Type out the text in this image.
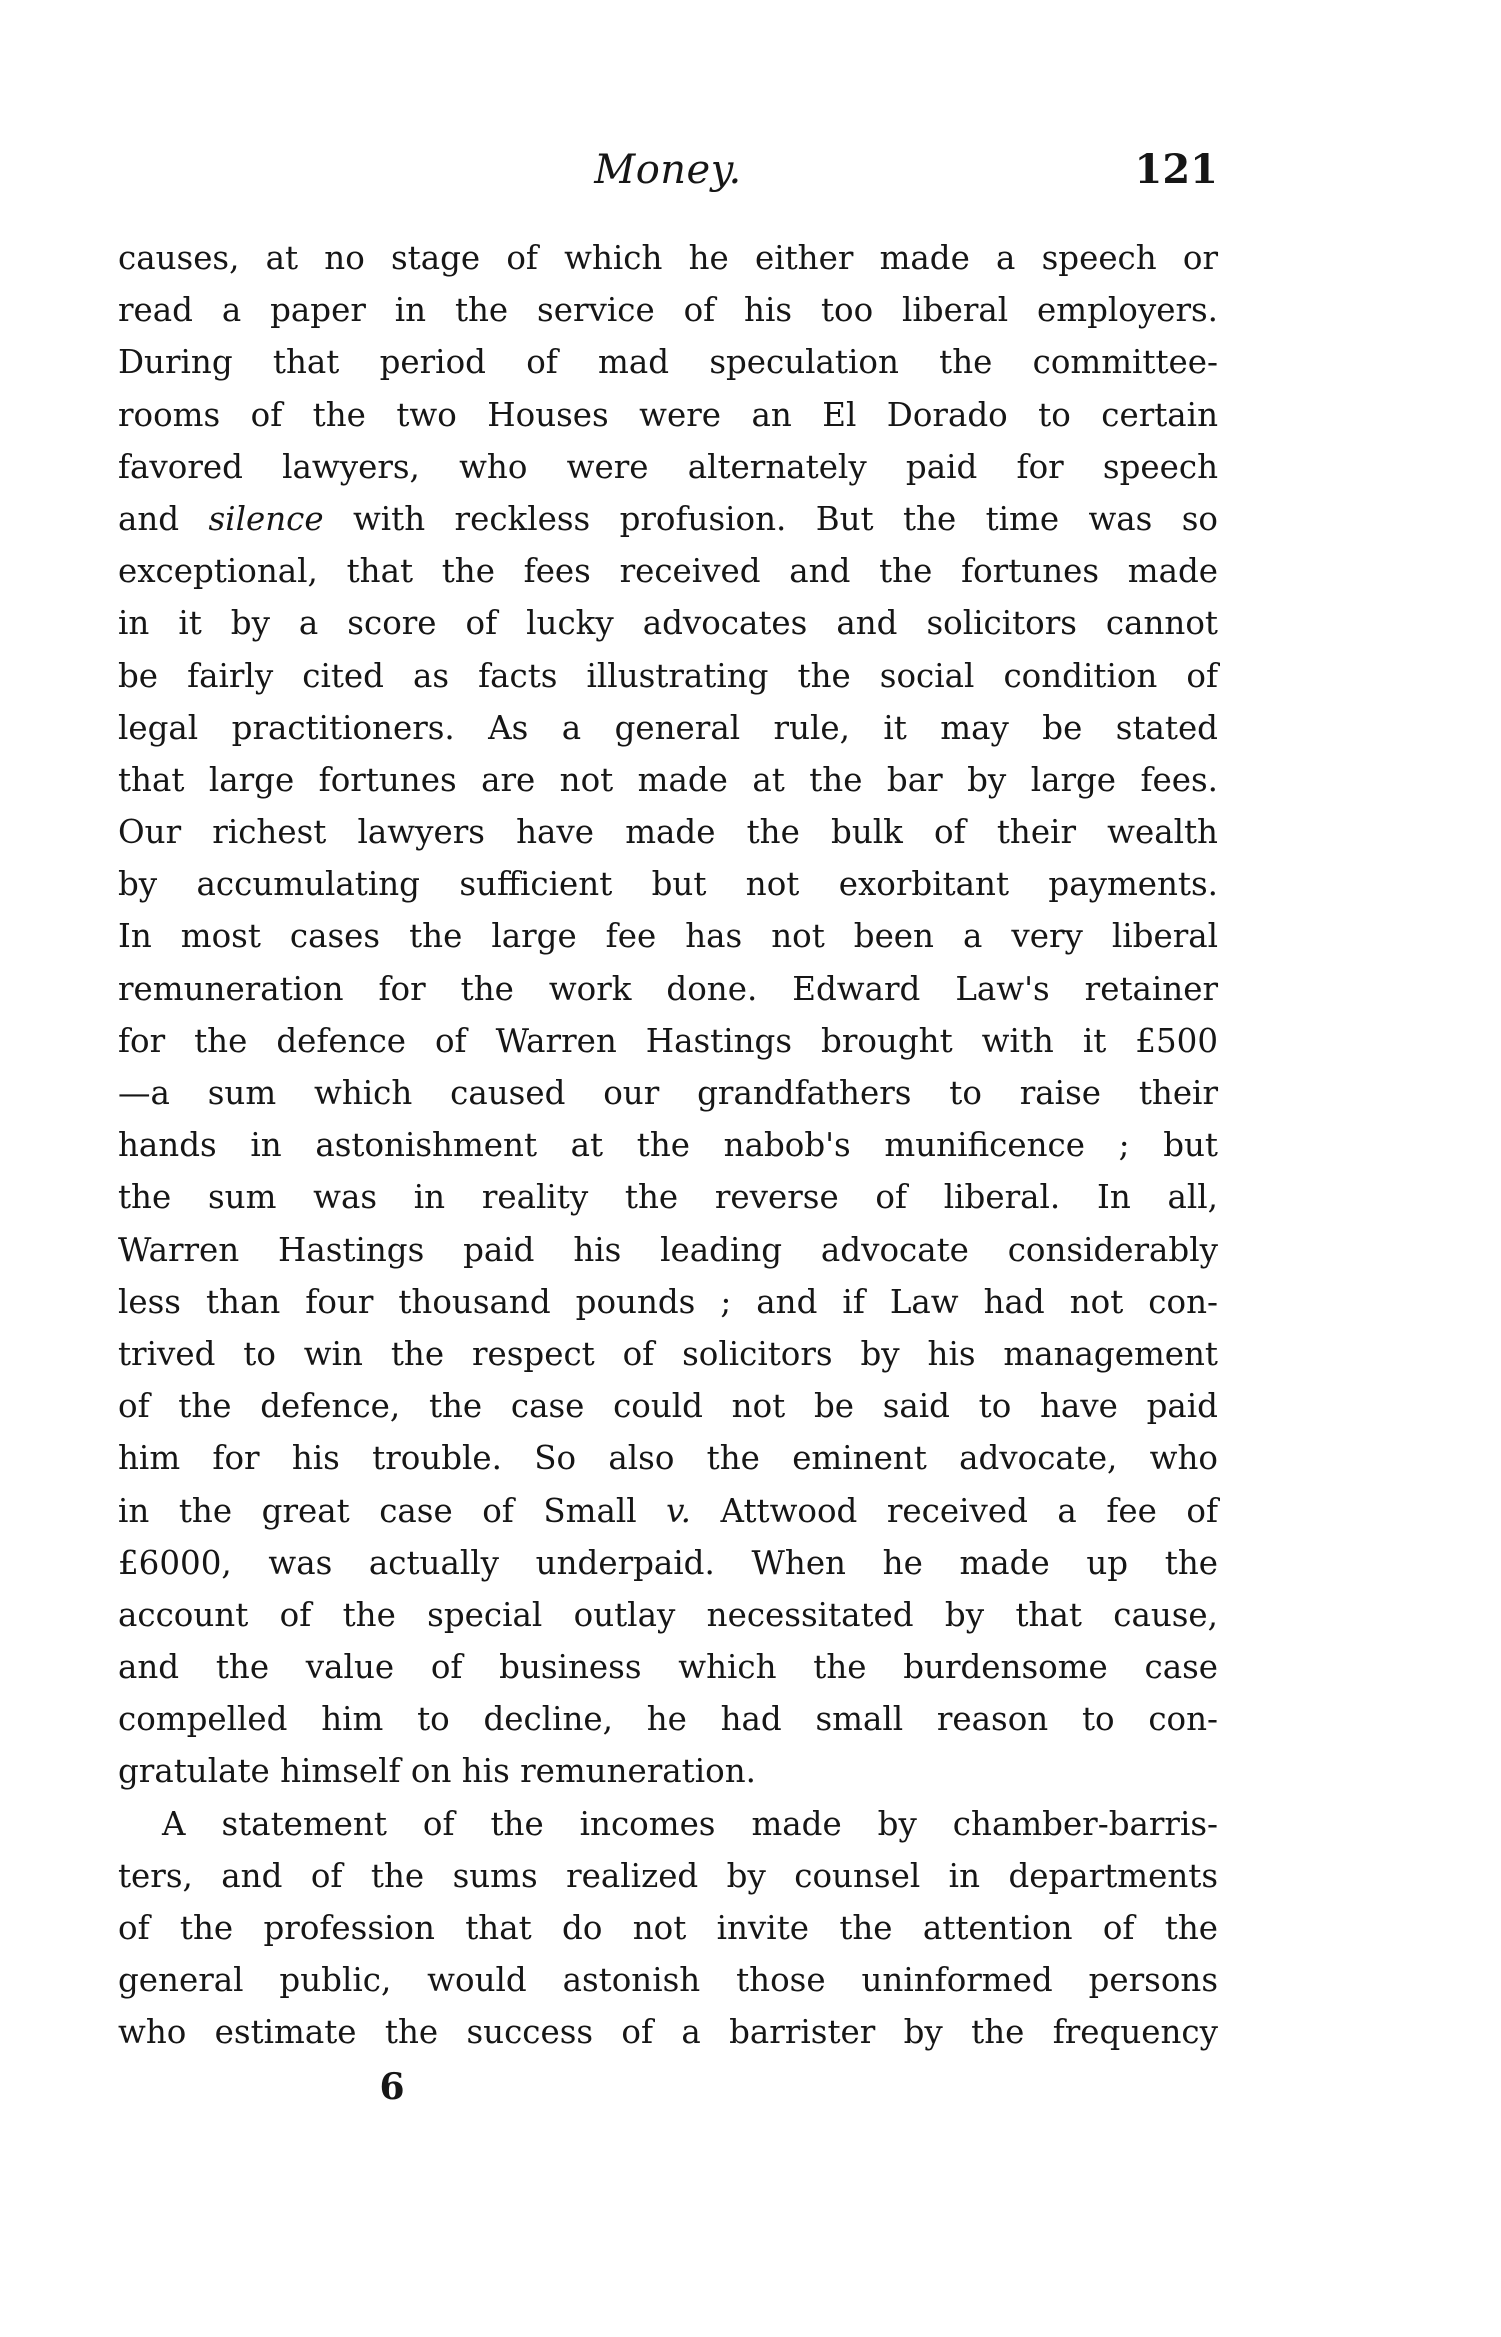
Money.	121
causes, at no stage of which he either made a speech or
read a paper in the service of his too liberal employers.
During that period of mad speculation the committee-
rooms of the two Houses were an El Dorado to certain
favored lawyers, who were alternately paid for speech
and silence with reckless profusion. But the time was so
exceptional, that the fees received and the fortunes made
in it by a score of lucky advocates and solicitors cannot
be fairly cited as facts illustrating the social condition of
legal practitioners. As a general rule, it may be stated
that large fortunes are not made at the bar by large fees.
Our richest lawyers have made the bulk of their wealth
by accumulating sufficient but not exorbitant payments.
In most cases the large fee has not been a very liberal
remuneration for the work done. Edward Law's retainer
for the defence of Warren Hastings brought with it £500
—a sum which caused our grandfathers to raise their
hands in astonishment at the nabob's munificence ; but
the sum was in reality the reverse of liberal. In all,
Warren Hastings paid his leading advocate considerably
less than four thousand pounds ; and if Law had not con-
trived to win the respect of solicitors by his management
of the defence, the case could not be said to have paid
him for his trouble. So also the eminent advocate, who
in the great case of Small v. Attwood received a fee of
£6000, was actually underpaid. When he made up the
account of the special outlay necessitated by that cause,
and the value of business which the burdensome case
compelled him to decline, he had small reason to con-
gratulate himself on his remuneration.
A statement of the incomes made by chamber-barris-
ters, and of the sums realized by counsel in departments
of the profession that do not invite the attention of the
general public, would astonish those uninformed persons
who estimate the success of a barrister by the frequency
6
